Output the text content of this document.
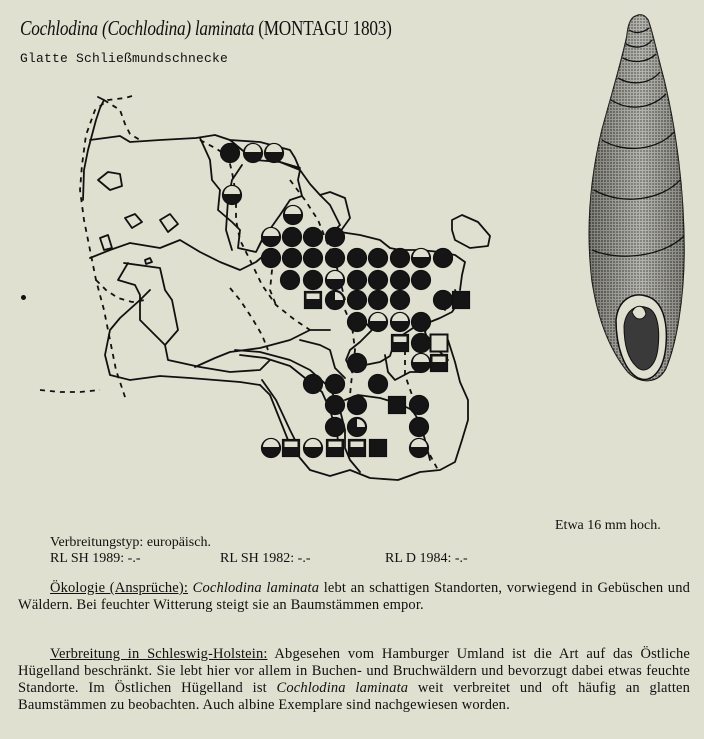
Cochlodina (Cochlodina) laminata (MONTAGU 1803)
Glatte Schließmundschnecke
Etwa 16 mm hoch.
Verbreitungstyp: europäisch.
RL SH 1989: -.-	RL SH 1982: -.-	RL D 1984: -.-
Ökologie (Ansprüche): Cochlodina laminata lebt an schattigen Standorten, vorwiegend in Gebüschen und Wäldern. Bei feuchter Witterung steigt sie an Baumstämmen empor.
Verbreitung in Schleswig-Holstein: Abgesehen vom Hamburger Umland ist die Art auf das Östliche Hügelland beschränkt. Sie lebt hier vor allem in Buchen- und Bruchwäldern und bevorzugt dabei etwas feuchte Standorte. Im Östlichen Hügelland ist Cochlodina laminata weit verbreitet und oft häufig an glatten Baumstämmen zu beobachten. Auch albine Exemplare sind nachgewiesen worden.
